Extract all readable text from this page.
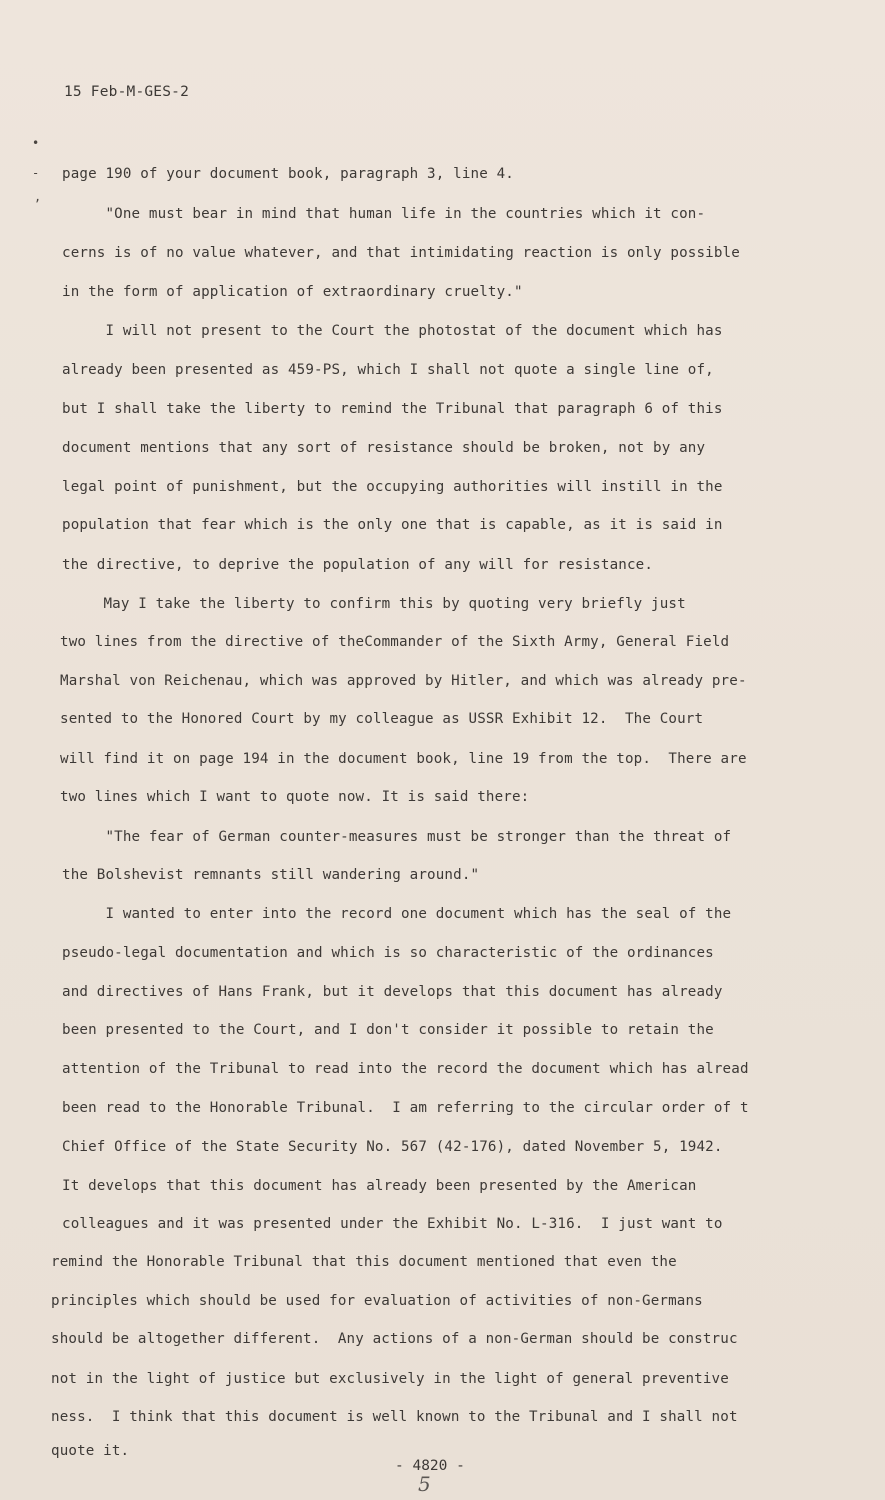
15 Feb-M-GES-2
•
-
,
page 190 of your document book, paragraph 3, line 4.
"One must bear in mind that human life in the countries which it con-
cerns is of no value whatever, and that intimidating reaction is only possible
in the form of application of extraordinary cruelty."
I will not present to the Court the photostat of the document which has
already been presented as 459-PS, which I shall not quote a single line of,
but I shall take the liberty to remind the Tribunal that paragraph 6 of this
document mentions that any sort of resistance should be broken, not by any
legal point of punishment, but the occupying authorities will instill in the
population that fear which is the only one that is capable, as it is said in
the directive, to deprive the population of any will for resistance.
May I take the liberty to confirm this by quoting very briefly just
two lines from the directive of theCommander of the Sixth Army, General Field
Marshal von Reichenau, which was approved by Hitler, and which was already pre-
sented to the Honored Court by my colleague as USSR Exhibit 12.  The Court
will find it on page 194 in the document book, line 19 from the top.  There are
two lines which I want to quote now. It is said there:
"The fear of German counter-measures must be stronger than the threat of
the Bolshevist remnants still wandering around."
I wanted to enter into the record one document which has the seal of the
pseudo-legal documentation and which is so characteristic of the ordinances
and directives of Hans Frank, but it develops that this document has already
been presented to the Court, and I don't consider it possible to retain the
attention of the Tribunal to read into the record the document which has alread
been read to the Honorable Tribunal.  I am referring to the circular order of t
Chief Office of the State Security No. 567 (42-176), dated November 5, 1942.
It develops that this document has already been presented by the American
colleagues and it was presented under the Exhibit No. L-316.  I just want to
remind the Honorable Tribunal that this document mentioned that even the
principles which should be used for evaluation of activities of non-Germans
should be altogether different.  Any actions of a non-German should be construc
not in the light of justice but exclusively in the light of general preventive
ness.  I think that this document is well known to the Tribunal and I shall not
quote it.
- 4820 -
5
